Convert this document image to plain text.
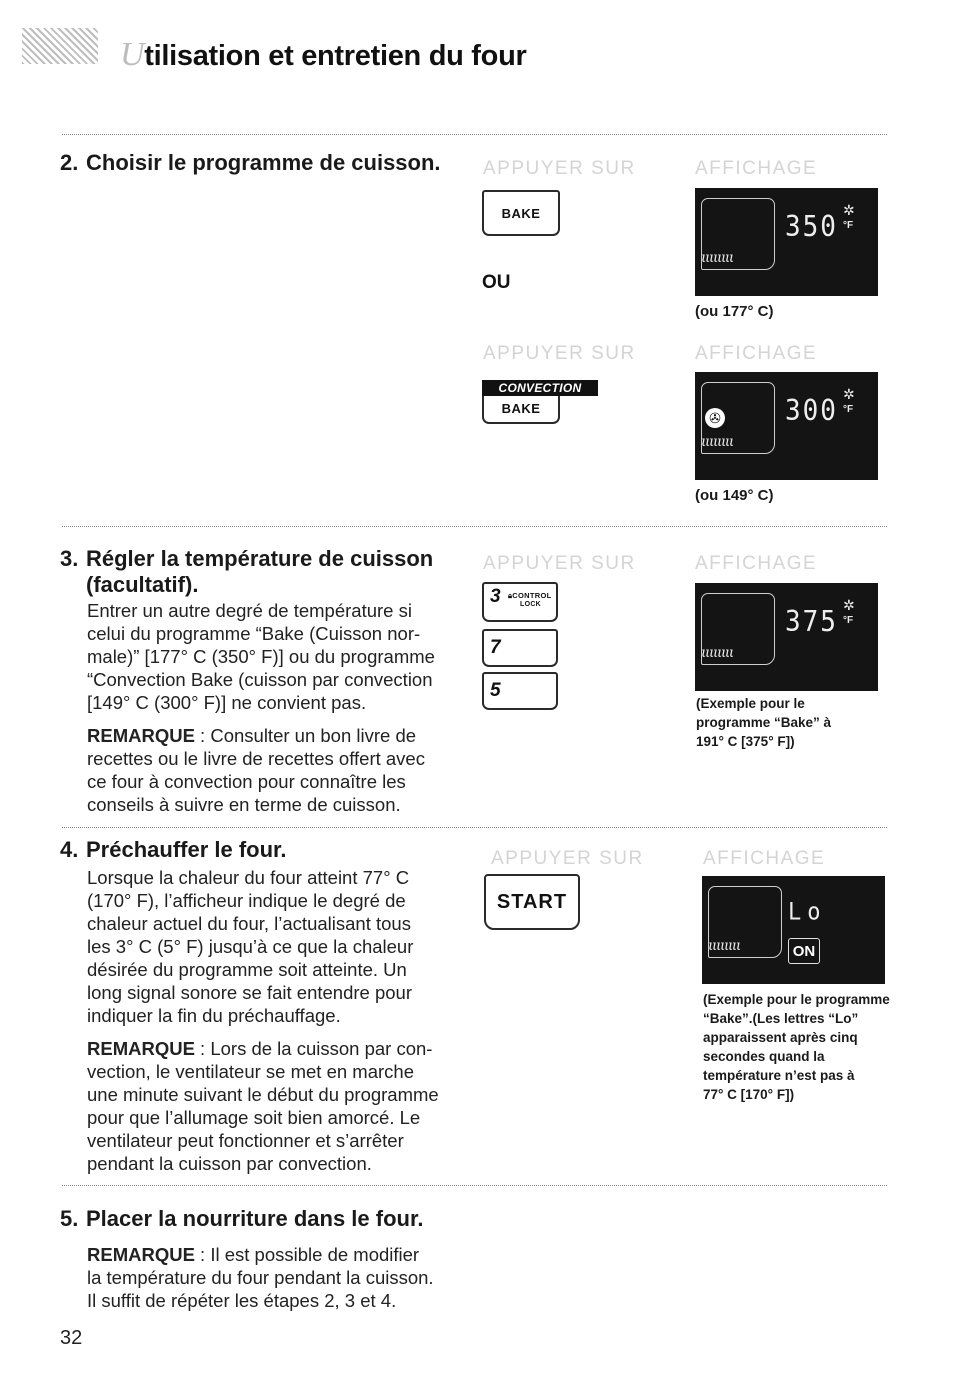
Utilisation et entretien du four
2. Choisir le programme de cuisson. APPUYER SUR	AFFICHAGE
BAKE
OU
ιιιιιιιι
350
✲
°F
(ou 177° C)
APPUYER SUR	AFFICHAGE
CONVECTION
BAKE
✇
ιιιιιιιι
300
✲
°F
(ou 149° C)
3. Régler la température de cuisson
(facultatif).

Entrer un autre degré de température si

celui du programme “Bake (Cuisson nor-

male)” [177° C (350° F)] ou du programme

“Convection Bake (cuisson par convection

[149° C (300° F)] ne convient pas.

REMARQUE : Consulter un bon livre de

recettes ou le livre de recettes offert avec

ce four à convection pour connaître les

conseils à suivre en terme de cuisson.

APPUYER SUR	AFFICHAGE
3 🔒︎CONTROL
LOCK
7
5
ιιιιιιιι
375
✲
°F
(Exemple pour le
programme “Bake” à
191° C [375° F])
4. Préchauffer le four.

Lorsque la chaleur du four atteint 77° C

(170° F), l’afficheur indique le degré de

chaleur actuel du four, l’actualisant tous

les 3° C (5° F) jusqu’à ce que la chaleur

désirée du programme soit atteinte. Un

long signal sonore se fait entendre pour

indiquer la fin du préchauffage.

REMARQUE : Lors de la cuisson par con-

vection, le ventilateur se met en marche

une minute suivant le début du programme

pour que l’allumage soit bien amorcé. Le

ventilateur peut fonctionner et s’arrêter

pendant la cuisson par convection.

APPUYER SUR	AFFICHAGE
START
ιιιιιιιι
Lo
ON
(Exemple pour le programme
“Bake”.(Les lettres “Lo”
apparaissent après cinq
secondes quand la
température n’est pas à
77° C [170° F])
5. Placer la nourriture dans le four.

REMARQUE : Il est possible de modifier

la température du four pendant la cuisson.

Il suffit de répéter les étapes 2, 3 et 4.

32
